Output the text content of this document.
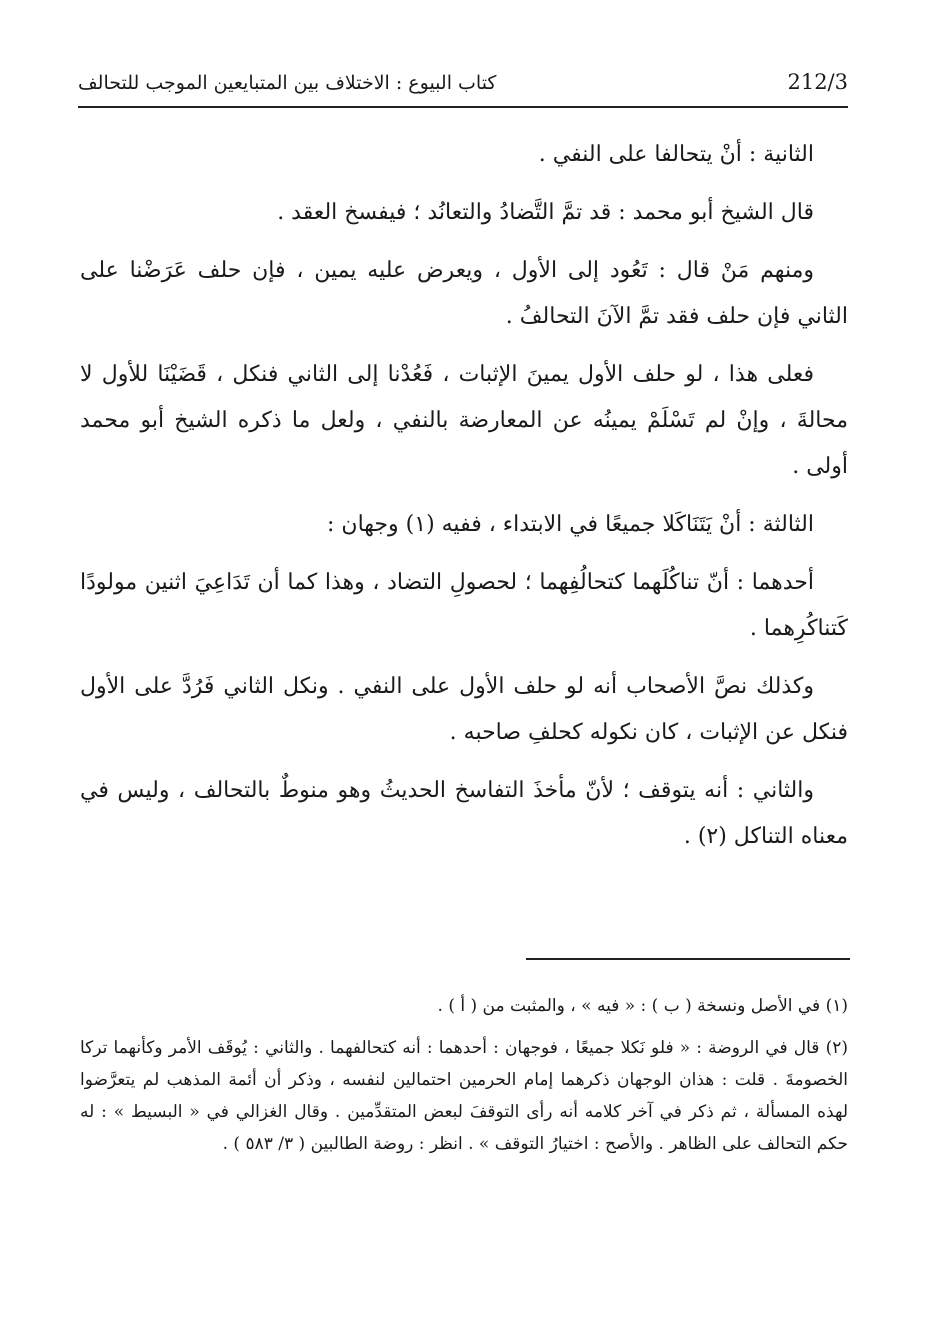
212/3
كتاب البيوع : الاختلاف بين المتبايعين الموجب للتحالف

الثانية : أنْ يتحالفا على النفي .

قال الشيخ أبو محمد : قد تمَّ التَّضادُ والتعانُد ؛ فيفسخ العقد .

ومنهم مَنْ قال : تَعُود إلى الأول ، ويعرض عليه يمين ، فإن حلف عَرَضْنا على الثاني فإن حلف فقد تمَّ الآنَ التحالفُ .

فعلى هذا ، لو حلف الأول يمينَ الإثبات ، فَعُدْنا إلى الثاني فنكل ، قَضَيْنَا للأول لا محالةَ ، وإنْ لم تَسْلَمْ يمينُه عن المعارضة بالنفي ، ولعل ما ذكره الشيخ أبو محمد أولى .

الثالثة : أنْ يَتَنَاكَلا جميعًا في الابتداء ، ففيه (١) وجهان :

أحدهما : أنّ تناكُلَهما كتحالُفِهما ؛ لحصولِ التضاد ، وهذا كما أن تَدَاعِيَ اثنين مولودًا كَتناكُرِهما .

وكذلك نصَّ الأصحاب أنه لو حلف الأول على النفي . ونكل الثاني فَرُدَّ على الأول فنكل عن الإثبات ، كان نكوله كحلفِ صاحبه .

والثاني : أنه يتوقف ؛ لأنّ مأخذَ التفاسخ الحديثُ وهو منوطٌ بالتحالف ، وليس في معناه التناكل (٢) .

(١) في الأصل ونسخة ( ب ) : « فيه » ، والمثبت من ( أ ) .

(٢) قال في الروضة : « فلو نَكلا جميعًا ، فوجهان : أحدهما : أنه كتحالفهما . والثاني : يُوقَف الأمر وكأنهما تركا الخصومةَ . قلت : هذان الوجهان ذكرهما إمام الحرمين احتمالين لنفسه ، وذكر أن أئمة المذهب لم يتعرَّضوا لهذه المسألة ، ثم ذكر في آخر كلامه أنه رأى التوقفَ لبعض المتقدِّمين . وقال الغزالي في « البسيط » : له حكم التحالف على الظاهر . والأصح : اختيارُ التوقف » . انظر : روضة الطالبين ( ٣/ ٥٨٣ ) .
